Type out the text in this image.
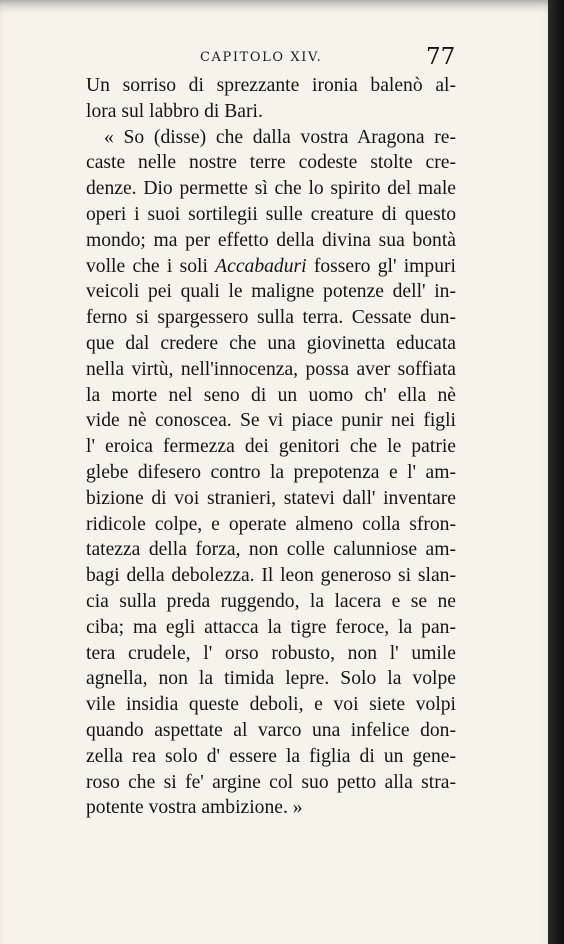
CAPITOLO XIV.	77
Un sorriso di sprezzante ironia balenò al-
lora sul labbro di Bari.
« So (disse) che dalla vostra Aragona re-
caste nelle nostre terre codeste stolte cre-
denze. Dio permette sì che lo spirito del male
operi i suoi sortilegii sulle creature di questo
mondo; ma per effetto della divina sua bontà
volle che i soli Accabaduri fossero gl' impuri
veicoli pei quali le maligne potenze dell' in-
ferno si spargessero sulla terra. Cessate dun-
que dal credere che una giovinetta educata
nella virtù, nell'innocenza, possa aver soffiata
la morte nel seno di un uomo ch' ella nè
vide nè conoscea. Se vi piace punir nei figli
l' eroica fermezza dei genitori che le patrie
glebe difesero contro la prepotenza e l' am-
bizione di voi stranieri, statevi dall' inventare
ridicole colpe, e operate almeno colla sfron-
tatezza della forza, non colle calunniose am-
bagi della debolezza. Il leon generoso si slan-
cia sulla preda ruggendo, la lacera e se ne
ciba; ma egli attacca la tigre feroce, la pan-
tera crudele, l' orso robusto, non l' umile
agnella, non la timida lepre. Solo la volpe
vile insidia queste deboli, e voi siete volpi
quando aspettate al varco una infelice don-
zella rea solo d' essere la figlia di un gene-
roso che si fe' argine col suo petto alla stra-
potente vostra ambizione. »
